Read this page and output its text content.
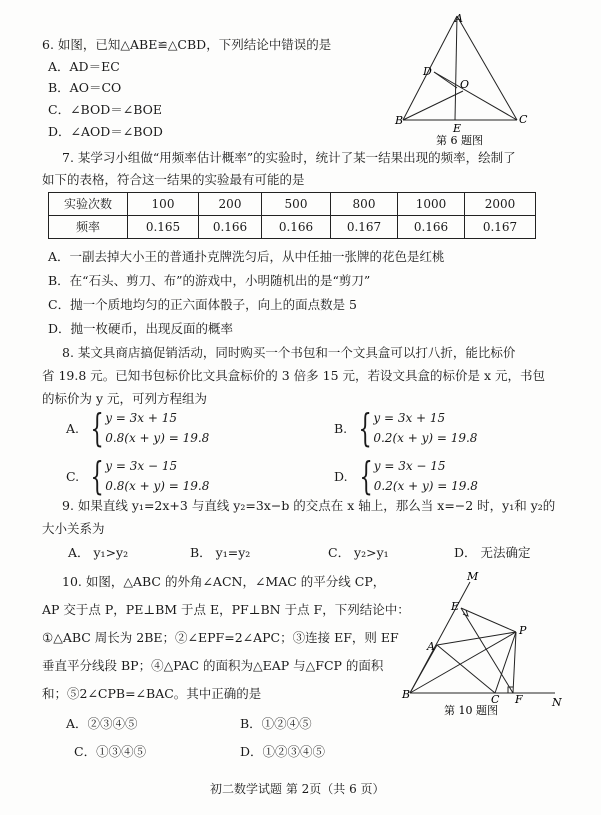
6. 如图，已知△ABE≌△CBD，下列结论中错误的是
A．AD＝EC
B．AO＝CO
C．∠BOD＝∠BOE
D．∠AOD＝∠BOD
A
D
O
B
E
C
第 6 题图
7. 某学习小组做“用频率估计概率”的实验时，统计了某一结果出现的频率，绘制了
如下的表格，符合这一结果的实验最有可能的是
实验次数	100	200	500	800	1000	2000
频率	0.165	0.166	0.166	0.167	0.166	0.167
A．一副去掉大小王的普通扑克牌洗匀后，从中任抽一张牌的花色是红桃
B．在“石头、剪刀、布”的游戏中，小明随机出的是“剪刀”
C．抛一个质地均匀的正六面体骰子，向上的面点数是 5
D．抛一枚硬币，出现反面的概率
8. 某文具商店搞促销活动，同时购买一个书包和一个文具盒可以打八折，能比标价
省 19.8 元。已知书包标价比文具盒标价的 3 倍多 15 元，若设文具盒的标价是 x 元，书包
的标价为 y 元，可列方程组为
A. { y = 3x + 15
0.8(x + y) = 19.8
B. { y = 3x + 15
0.2(x + y) = 19.8
C. { y = 3x − 15
0.8(x + y) = 19.8
D. { y = 3x − 15
0.2(x + y) = 19.8
9. 如果直线 y₁=2x+3 与直线 y₂=3x−b 的交点在 x 轴上，那么当 x=−2 时，y₁和 y₂的
大小关系为
A． y₁>y₂	B． y₁=y₂	C． y₂>y₁	D． 无法确定
10. 如图，△ABC 的外角∠ACN，∠MAC 的平分线 CP，
AP 交于点 P，PE⊥BM 于点 E，PF⊥BN 于点 F，下列结论中：
①△ABC 周长为 2BE；②∠EPF=2∠APC；③连接 EF，则 EF
垂直平分线段 BP；④△PAC 的面积为△EAP 与△FCP 的面积
和；⑤2∠CPB=∠BAC。其中正确的是
A．②③④⑤	B．①②④⑤
C．①③④⑤	D．①②③④⑤
M
E
P
A
B	C F	N
第 10 题图
初二数学试题 第 2页（共 6 页）
